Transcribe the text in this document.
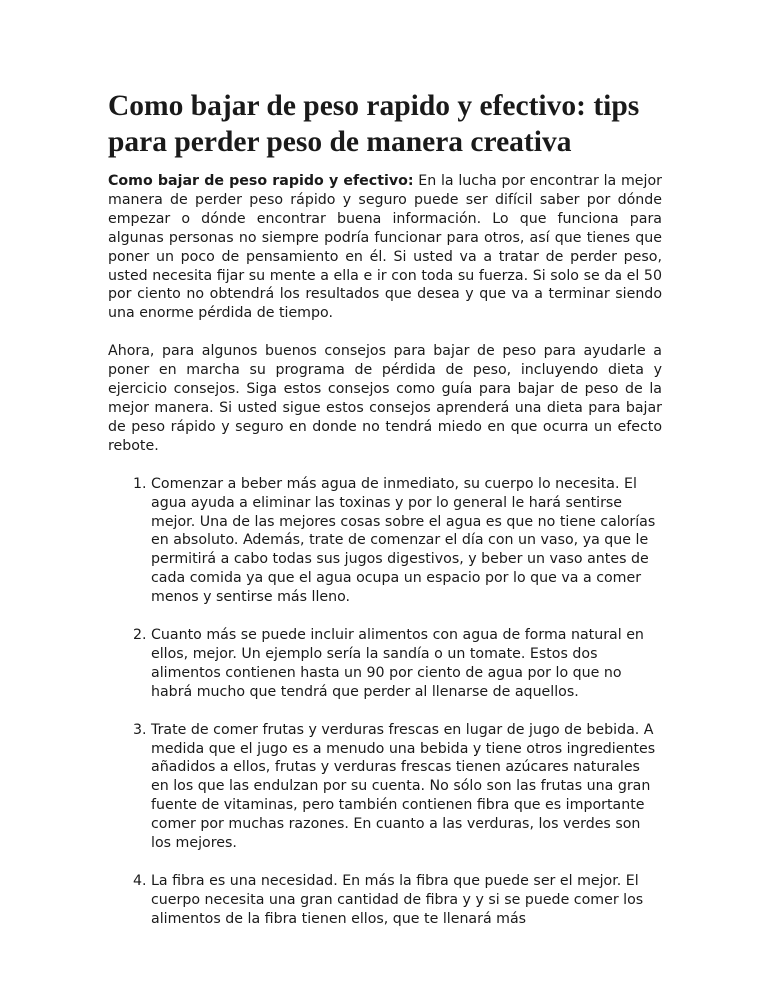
Como bajar de peso rapido y efectivo: tips para perder peso de manera creativa

Como bajar de peso rapido y efectivo: En la lucha por encontrar la mejor manera de perder peso rápido y seguro puede ser difícil saber por dónde empezar o dónde encontrar buena información. Lo que funciona para algunas personas no siempre podría funcionar para otros, así que tienes que poner un poco de pensamiento en él. Si usted va a tratar de perder peso, usted necesita fijar su mente a ella e ir con toda su fuerza. Si solo se da el 50 por ciento no obtendrá los resultados que desea y que va a terminar siendo una enorme pérdida de tiempo.

Ahora, para algunos buenos consejos para bajar de peso para ayudarle a poner en marcha su programa de pérdida de peso, incluyendo dieta y ejercicio consejos. Siga estos consejos como guía para bajar de peso de la mejor manera. Si usted sigue estos consejos aprenderá una dieta para bajar de peso rápido y seguro en donde no tendrá miedo en que ocurra un efecto rebote.

1. Comenzar a beber más agua de inmediato, su cuerpo lo necesita. El agua ayuda a eliminar las toxinas y por lo general le hará sentirse mejor. Una de las mejores cosas sobre el agua es que no tiene calorías en absoluto. Además, trate de comenzar el día con un vaso, ya que le permitirá a cabo todas sus jugos digestivos, y beber un vaso antes de cada comida ya que el agua ocupa un espacio por lo que va a comer menos y sentirse más lleno.
2. Cuanto más se puede incluir alimentos con agua de forma natural en ellos, mejor. Un ejemplo sería la sandía o un tomate. Estos dos alimentos contienen hasta un 90 por ciento de agua por lo que no habrá mucho que tendrá que perder al llenarse de aquellos.
3. Trate de comer frutas y verduras frescas en lugar de jugo de bebida. A medida que el jugo es a menudo una bebida y tiene otros ingredientes añadidos a ellos, frutas y verduras frescas tienen azúcares naturales en los que las endulzan por su cuenta. No sólo son las frutas una gran fuente de vitaminas, pero también contienen fibra que es importante comer por muchas razones. En cuanto a las verduras, los verdes son los mejores.
4. La fibra es una necesidad. En más la fibra que puede ser el mejor. El cuerpo necesita una gran cantidad de fibra y y si se puede comer los alimentos de la fibra tienen ellos, que te llenará más
